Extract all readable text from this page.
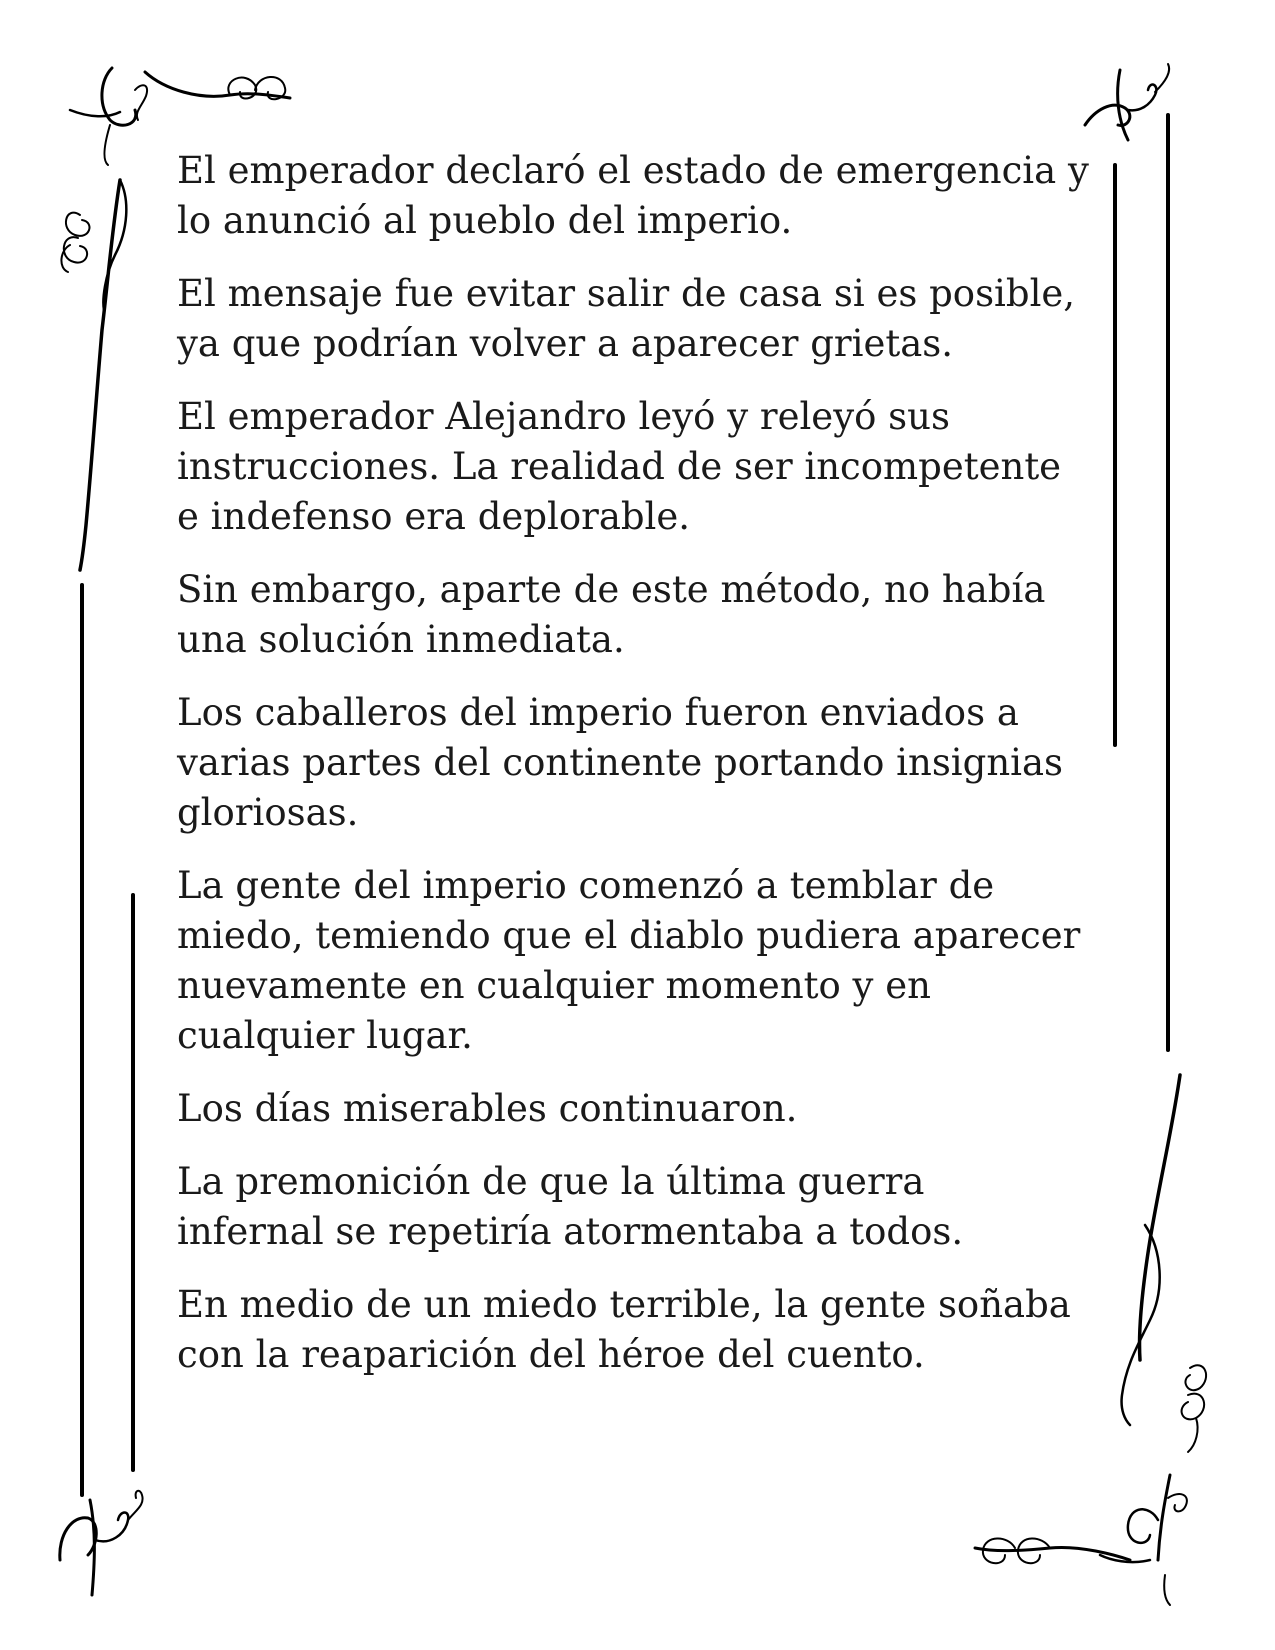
El emperador declaró el estado de emergencia y
lo anunció al pueblo del imperio.

El mensaje fue evitar salir de casa si es posible,
ya que podrían volver a aparecer grietas.

El emperador Alejandro leyó y releyó sus
instrucciones. La realidad de ser incompetente
e indefenso era deplorable.

Sin embargo, aparte de este método, no había
una solución inmediata.

Los caballeros del imperio fueron enviados a
varias partes del continente portando insignias
gloriosas.

La gente del imperio comenzó a temblar de
miedo, temiendo que el diablo pudiera aparecer
nuevamente en cualquier momento y en
cualquier lugar.

Los días miserables continuaron.

La premonición de que la última guerra
infernal se repetiría atormentaba a todos.

En medio de un miedo terrible, la gente soñaba
con la reaparición del héroe del cuento.
